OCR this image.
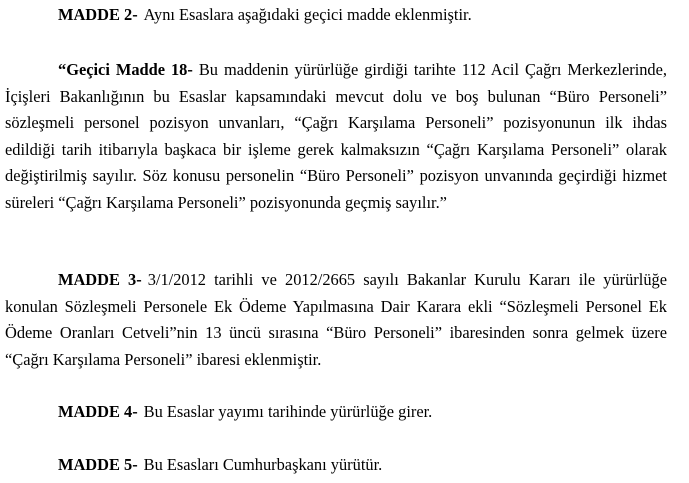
MADDE 2- Aynı Esaslara aşağıdaki geçici madde eklenmiştir.

“Geçici Madde 18- Bu maddenin yürürlüğe girdiği tarihte 112 Acil Çağrı Merkezlerinde, İçişleri Bakanlığının bu Esaslar kapsamındaki mevcut dolu ve boş bulunan “Büro Personeli” sözleşmeli personel pozisyon unvanları, “Çağrı Karşılama Personeli” pozisyonunun ilk ihdas edildiği tarih itibarıyla başkaca bir işleme gerek kalmaksızın “Çağrı Karşılama Personeli” olarak değiştirilmiş sayılır. Söz konusu personelin “Büro Personeli” pozisyon unvanında geçirdiği hizmet süreleri “Çağrı Karşılama Personeli” pozisyonunda geçmiş sayılır.”

MADDE 3- 3/1/2012 tarihli ve 2012/2665 sayılı Bakanlar Kurulu Kararı ile yürürlüğe konulan Sözleşmeli Personele Ek Ödeme Yapılmasına Dair Karara ekli “Sözleşmeli Personel Ek Ödeme Oranları Cetveli”nin 13 üncü sırasına “Büro Personeli” ibaresinden sonra gelmek üzere “Çağrı Karşılama Personeli” ibaresi eklenmiştir.

MADDE 4- Bu Esaslar yayımı tarihinde yürürlüğe girer.

MADDE 5- Bu Esasları Cumhurbaşkanı yürütür.
